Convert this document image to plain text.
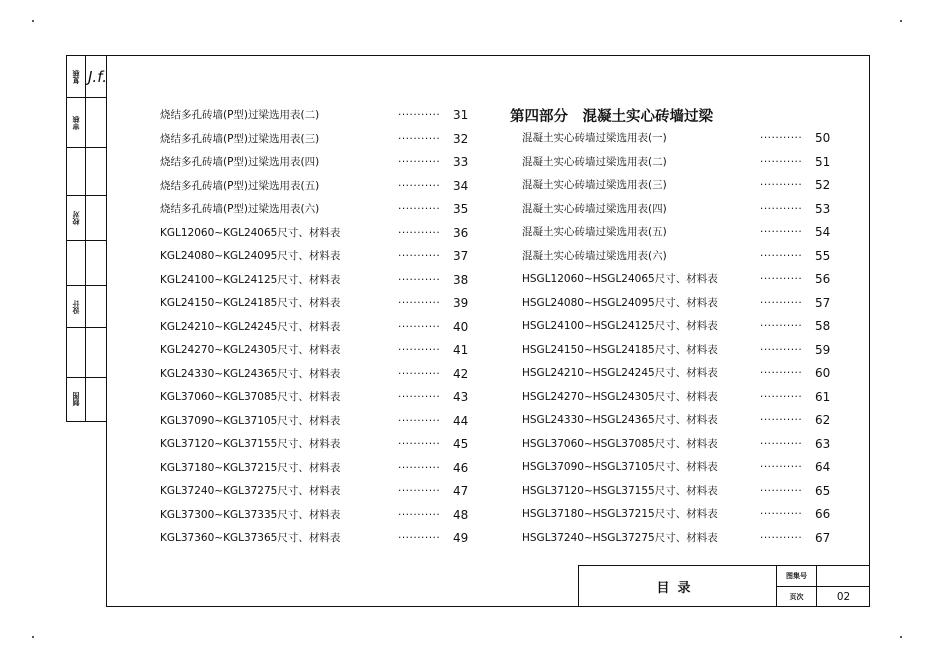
复核 J.f.
审核
校对
设计
制图
第四部分　混凝土实心砖墙过梁
烧结多孔砖墙(P型)过梁选用表(二)	··········· 31
烧结多孔砖墙(P型)过梁选用表(三)	··········· 32
烧结多孔砖墙(P型)过梁选用表(四)	··········· 33
烧结多孔砖墙(P型)过梁选用表(五)	··········· 34
烧结多孔砖墙(P型)过梁选用表(六)	··········· 35
KGL12060~KGL24065尺寸、材料表	··········· 36
KGL24080~KGL24095尺寸、材料表	··········· 37
KGL24100~KGL24125尺寸、材料表	··········· 38
KGL24150~KGL24185尺寸、材料表	··········· 39
KGL24210~KGL24245尺寸、材料表	··········· 40
KGL24270~KGL24305尺寸、材料表	··········· 41
KGL24330~KGL24365尺寸、材料表	··········· 42
KGL37060~KGL37085尺寸、材料表	··········· 43
KGL37090~KGL37105尺寸、材料表	··········· 44
KGL37120~KGL37155尺寸、材料表	··········· 45
KGL37180~KGL37215尺寸、材料表	··········· 46
KGL37240~KGL37275尺寸、材料表	··········· 47
KGL37300~KGL37335尺寸、材料表	··········· 48
KGL37360~KGL37365尺寸、材料表	··········· 49
混凝土实心砖墙过梁选用表(一)	··········· 50
混凝土实心砖墙过梁选用表(二)	··········· 51
混凝土实心砖墙过梁选用表(三)	··········· 52
混凝土实心砖墙过梁选用表(四)	··········· 53
混凝土实心砖墙过梁选用表(五)	··········· 54
混凝土实心砖墙过梁选用表(六)	··········· 55
HSGL12060~HSGL24065尺寸、材料表	··········· 56
HSGL24080~HSGL24095尺寸、材料表	··········· 57
HSGL24100~HSGL24125尺寸、材料表	··········· 58
HSGL24150~HSGL24185尺寸、材料表	··········· 59
HSGL24210~HSGL24245尺寸、材料表	··········· 60
HSGL24270~HSGL24305尺寸、材料表	··········· 61
HSGL24330~HSGL24365尺寸、材料表	··········· 62
HSGL37060~HSGL37085尺寸、材料表	··········· 63
HSGL37090~HSGL37105尺寸、材料表	··········· 64
HSGL37120~HSGL37155尺寸、材料表	··········· 65
HSGL37180~HSGL37215尺寸、材料表	··········· 66
HSGL37240~HSGL37275尺寸、材料表	··········· 67
目录
图集号
页次	02
